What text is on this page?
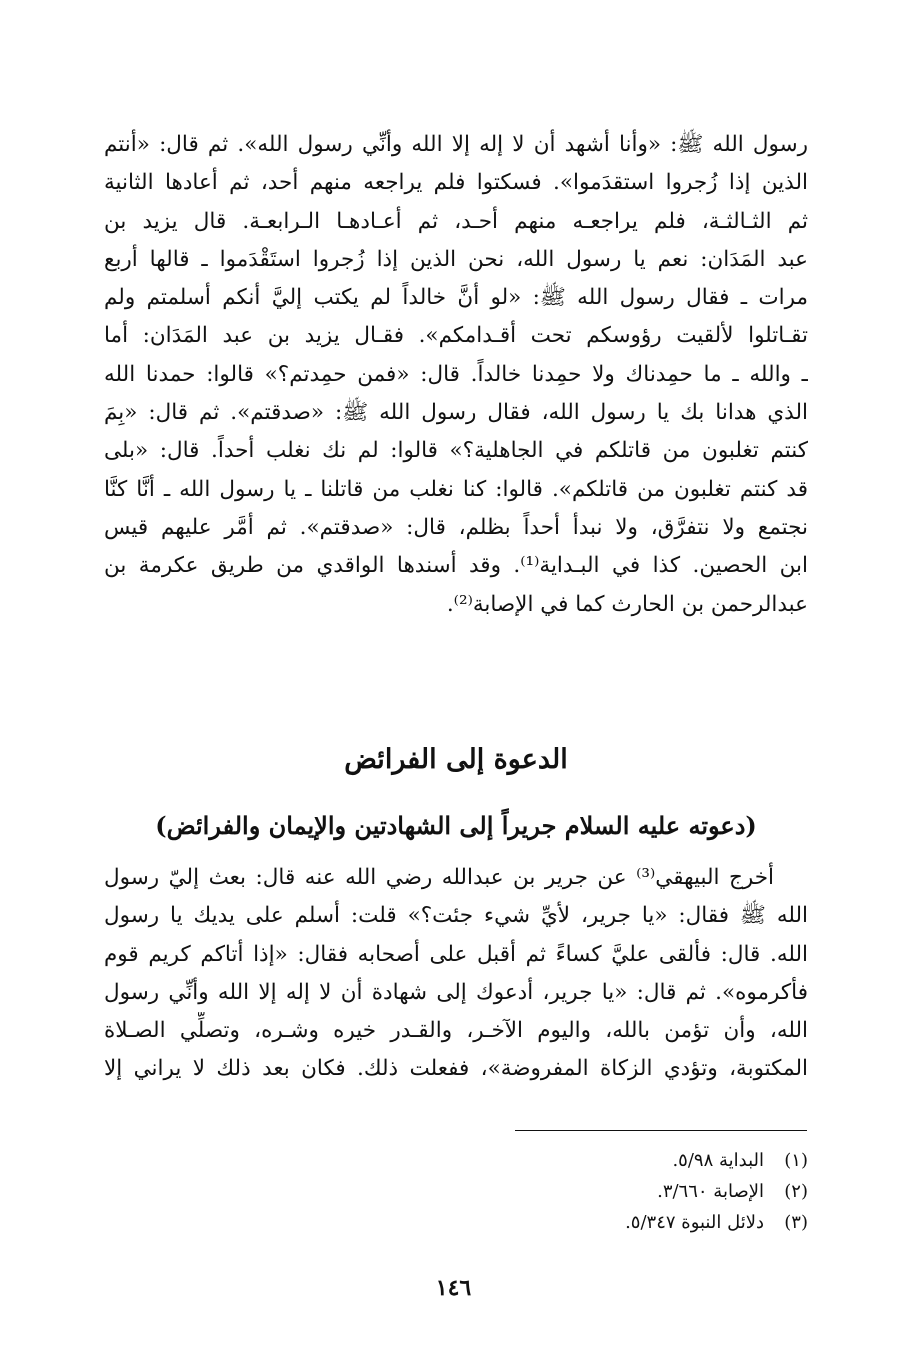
رسول الله ﷺ: «وأنا أشهد أن لا إله إلا الله وأنِّي رسول الله». ثم قال: «أنتم
الذين إذا زُجروا استقدَموا». فسكتوا فلم يراجعه منهم أحد، ثم أعادها الثانية
ثم الثـالثـة، فلم يراجعـه منهم أحـد، ثم أعـادهـا الـرابعـة. قال يزيد بن
عبد المَدَان: نعم يا رسول الله، نحن الذين إذا زُجروا استَقْدَموا ـ قالها أربع
مرات ـ فقال رسول الله ﷺ: «لو أنَّ خالداً لم يكتب إليَّ أنكم أسلمتم ولم
تقـاتلوا لألقيت رؤوسكم تحت أقـدامكم». فقـال يزيد بن عبد المَدَان: أما
ـ والله ـ ما حمِدناك ولا حمِدنا خالداً. قال: «فمن حمِدتم؟» قالوا: حمدنا الله
الذي هدانا بك يا رسول الله، فقال رسول الله ﷺ: «صدقتم». ثم قال: «بِمَ
كنتم تغلبون من قاتلكم في الجاهلية؟» قالوا: لم نك نغلب أحداً. قال: «بلى
قد كنتم تغلبون من قاتلكم». قالوا: كنا نغلب من قاتلنا ـ يا رسول الله ـ أنَّا كنَّا
نجتمع ولا نتفرَّق، ولا نبدأ أحداً بظلم، قال: «صدقتم». ثم أمَّر عليهم قيس
ابن الحصين. كذا في البـداية⁽¹⁾. وقد أسندها الواقدي من طريق عكرمة بن
عبدالرحمن بن الحارث كما في الإصابة⁽²⁾.
الدعوة إلى الفرائض
(دعوته عليه السلام جريراً إلى الشهادتين والإيمان والفرائض)
أخرج البيهقي⁽³⁾ عن جرير بن عبدالله رضي الله عنه قال: بعث إليّ رسول
الله ﷺ فقال: «يا جرير، لأيِّ شيء جئت؟» قلت: أسلم على يديك يا رسول
الله. قال: فألقى عليَّ كساءً ثم أقبل على أصحابه فقال: «إذا أتاكم كريم قوم
فأكرموه». ثم قال: «يا جرير، أدعوك إلى شهادة أن لا إله إلا الله وأنِّي رسول
الله، وأن تؤمن بالله، واليوم الآخـر، والقـدر خيره وشـره، وتصلِّي الصـلاة
المكتوبة، وتؤدي الزكاة المفروضة»، ففعلت ذلك. فكان بعد ذلك لا يراني إلا
(١)البداية ٥/٩٨.
(٢)الإصابة ٣/٦٦٠.
(٣)دلائل النبوة ٥/٣٤٧.
١٤٦
